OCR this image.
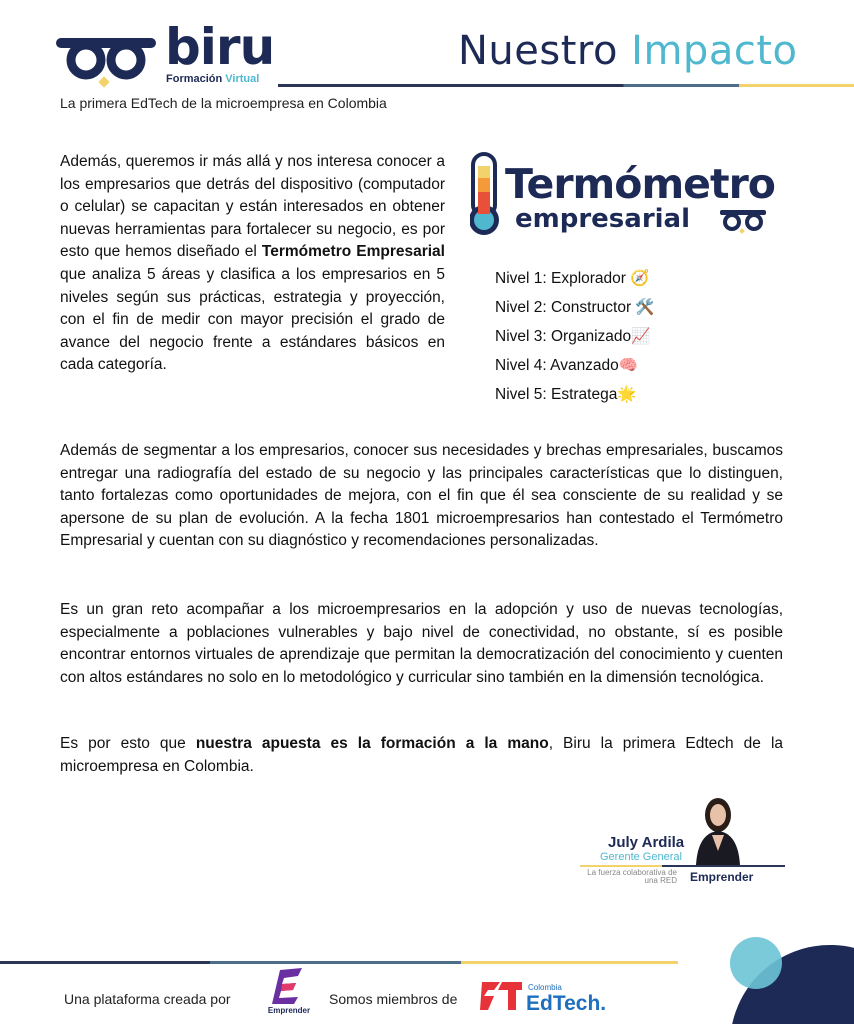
biru
Formación Virtual
Nuestro Impacto
La primera EdTech de la microempresa en Colombia

Además, queremos ir más allá y nos interesa conocer a los empresarios que detrás del dispositivo (computador o celular) se capacitan y están interesados en obtener nuevas herramientas para fortalecer su negocio, es por esto que hemos diseñado el Termómetro Empresarial que analiza 5 áreas y clasifica a los empresarios en 5 niveles según sus prácticas, estrategia y proyección, con el fin de medir con mayor precisión el grado de avance del negocio frente a estándares básicos en cada categoría.

Termómetro
empresarial
Nivel 1: Explorador 🧭
Nivel 2: Constructor 🛠️
Nivel 3: Organizado📈
Nivel 4: Avanzado🧠
Nivel 5: Estratega🌟

Además de segmentar a los empresarios, conocer sus necesidades y brechas empresariales, buscamos entregar una radiografía del estado de su negocio y las principales características que lo distinguen, tanto fortalezas como oportunidades de mejora, con el fin que él sea consciente de su realidad y se apersone de su plan de evolución. A la fecha 1801 microempresarios han contestado el Termómetro Empresarial y cuentan con su diagnóstico y recomendaciones personalizadas.

Es un gran reto acompañar a los microempresarios en la adopción y uso de nuevas tecnologías, especialmente a poblaciones vulnerables y bajo nivel de conectividad, no obstante, sí es posible encontrar entornos virtuales de aprendizaje que permitan la democratización del conocimiento y cuenten con altos estándares no solo en lo metodológico y curricular sino también en la dimensión tecnológica.

Es por esto que nuestra apuesta es la formación a la mano, Biru la primera Edtech de la microempresa en Colombia.

July Ardila
Gerente General
La fuerza colaborativa de una RED Emprender
Una plataforma creada por
Emprender
Somos miembros de
Colombia
EdTech.
